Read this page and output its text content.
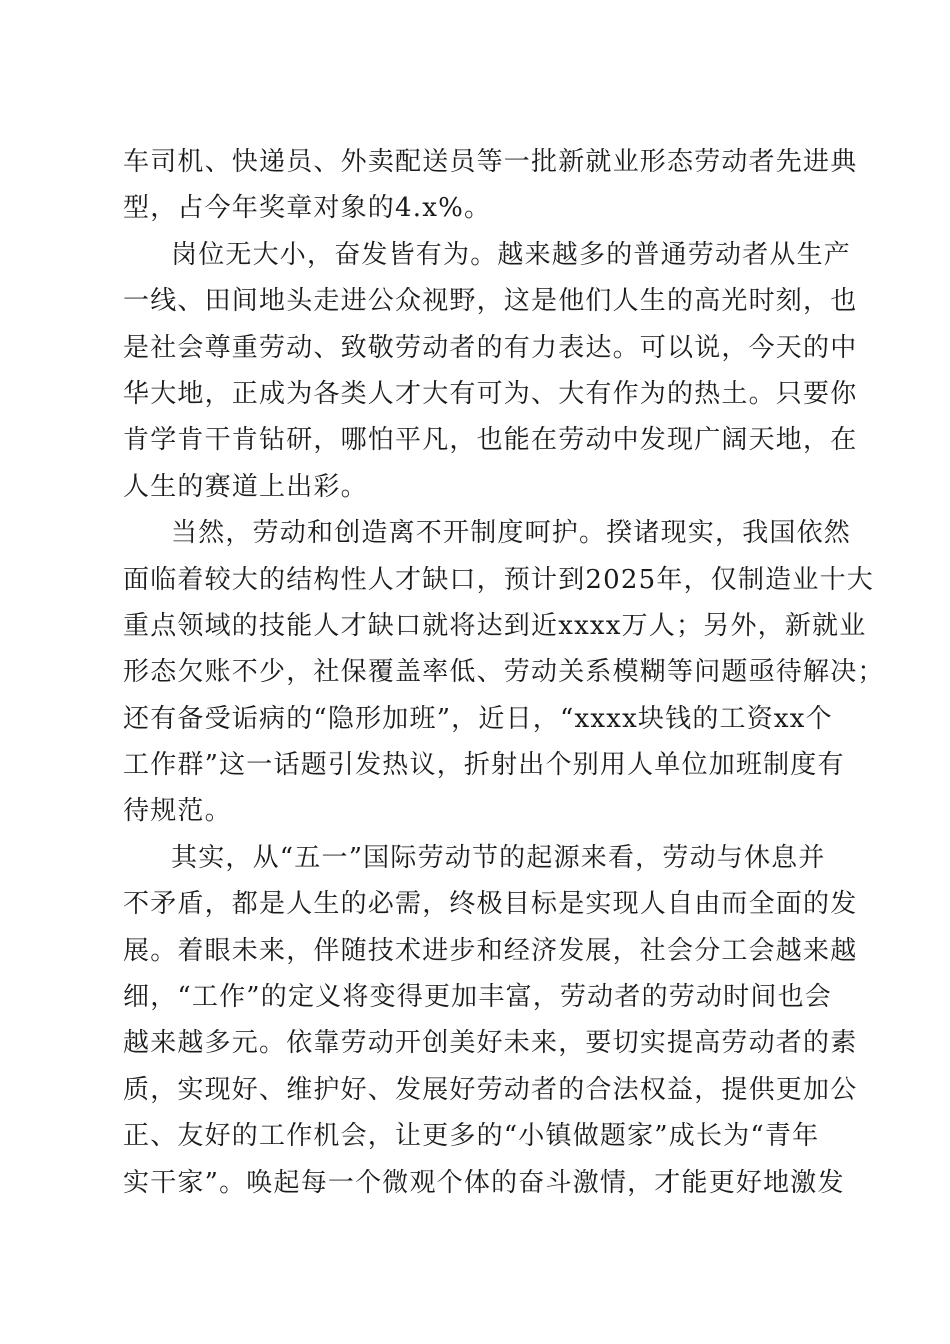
车司机、快递员、外卖配送员等一批新就业形态劳动者先进典
型，占今年奖章对象的4.x%。
岗位无大小，奋发皆有为。越来越多的普通劳动者从生产
一线、田间地头走进公众视野，这是他们人生的高光时刻，也
是社会尊重劳动、致敬劳动者的有力表达。可以说，今天的中
华大地，正成为各类人才大有可为、大有作为的热土。只要你
肯学肯干肯钻研，哪怕平凡，也能在劳动中发现广阔天地，在
人生的赛道上出彩。
当然，劳动和创造离不开制度呵护。揆诸现实，我国依然
面临着较大的结构性人才缺口，预计到2025年，仅制造业十大
重点领域的技能人才缺口就将达到近xxxx万人；另外，新就业
形态欠账不少，社保覆盖率低、劳动关系模糊等问题亟待解决；
还有备受诟病的“隐形加班”，近日，“xxxx块钱的工资xx个
工作群”这一话题引发热议，折射出个别用人单位加班制度有
待规范。
其实，从“五一”国际劳动节的起源来看，劳动与休息并
不矛盾，都是人生的必需，终极目标是实现人自由而全面的发
展。着眼未来，伴随技术进步和经济发展，社会分工会越来越
细，“工作”的定义将变得更加丰富，劳动者的劳动时间也会
越来越多元。依靠劳动开创美好未来，要切实提高劳动者的素
质，实现好、维护好、发展好劳动者的合法权益，提供更加公
正、友好的工作机会，让更多的“小镇做题家”成长为“青年
实干家”。唤起每一个微观个体的奋斗激情，才能更好地激发
